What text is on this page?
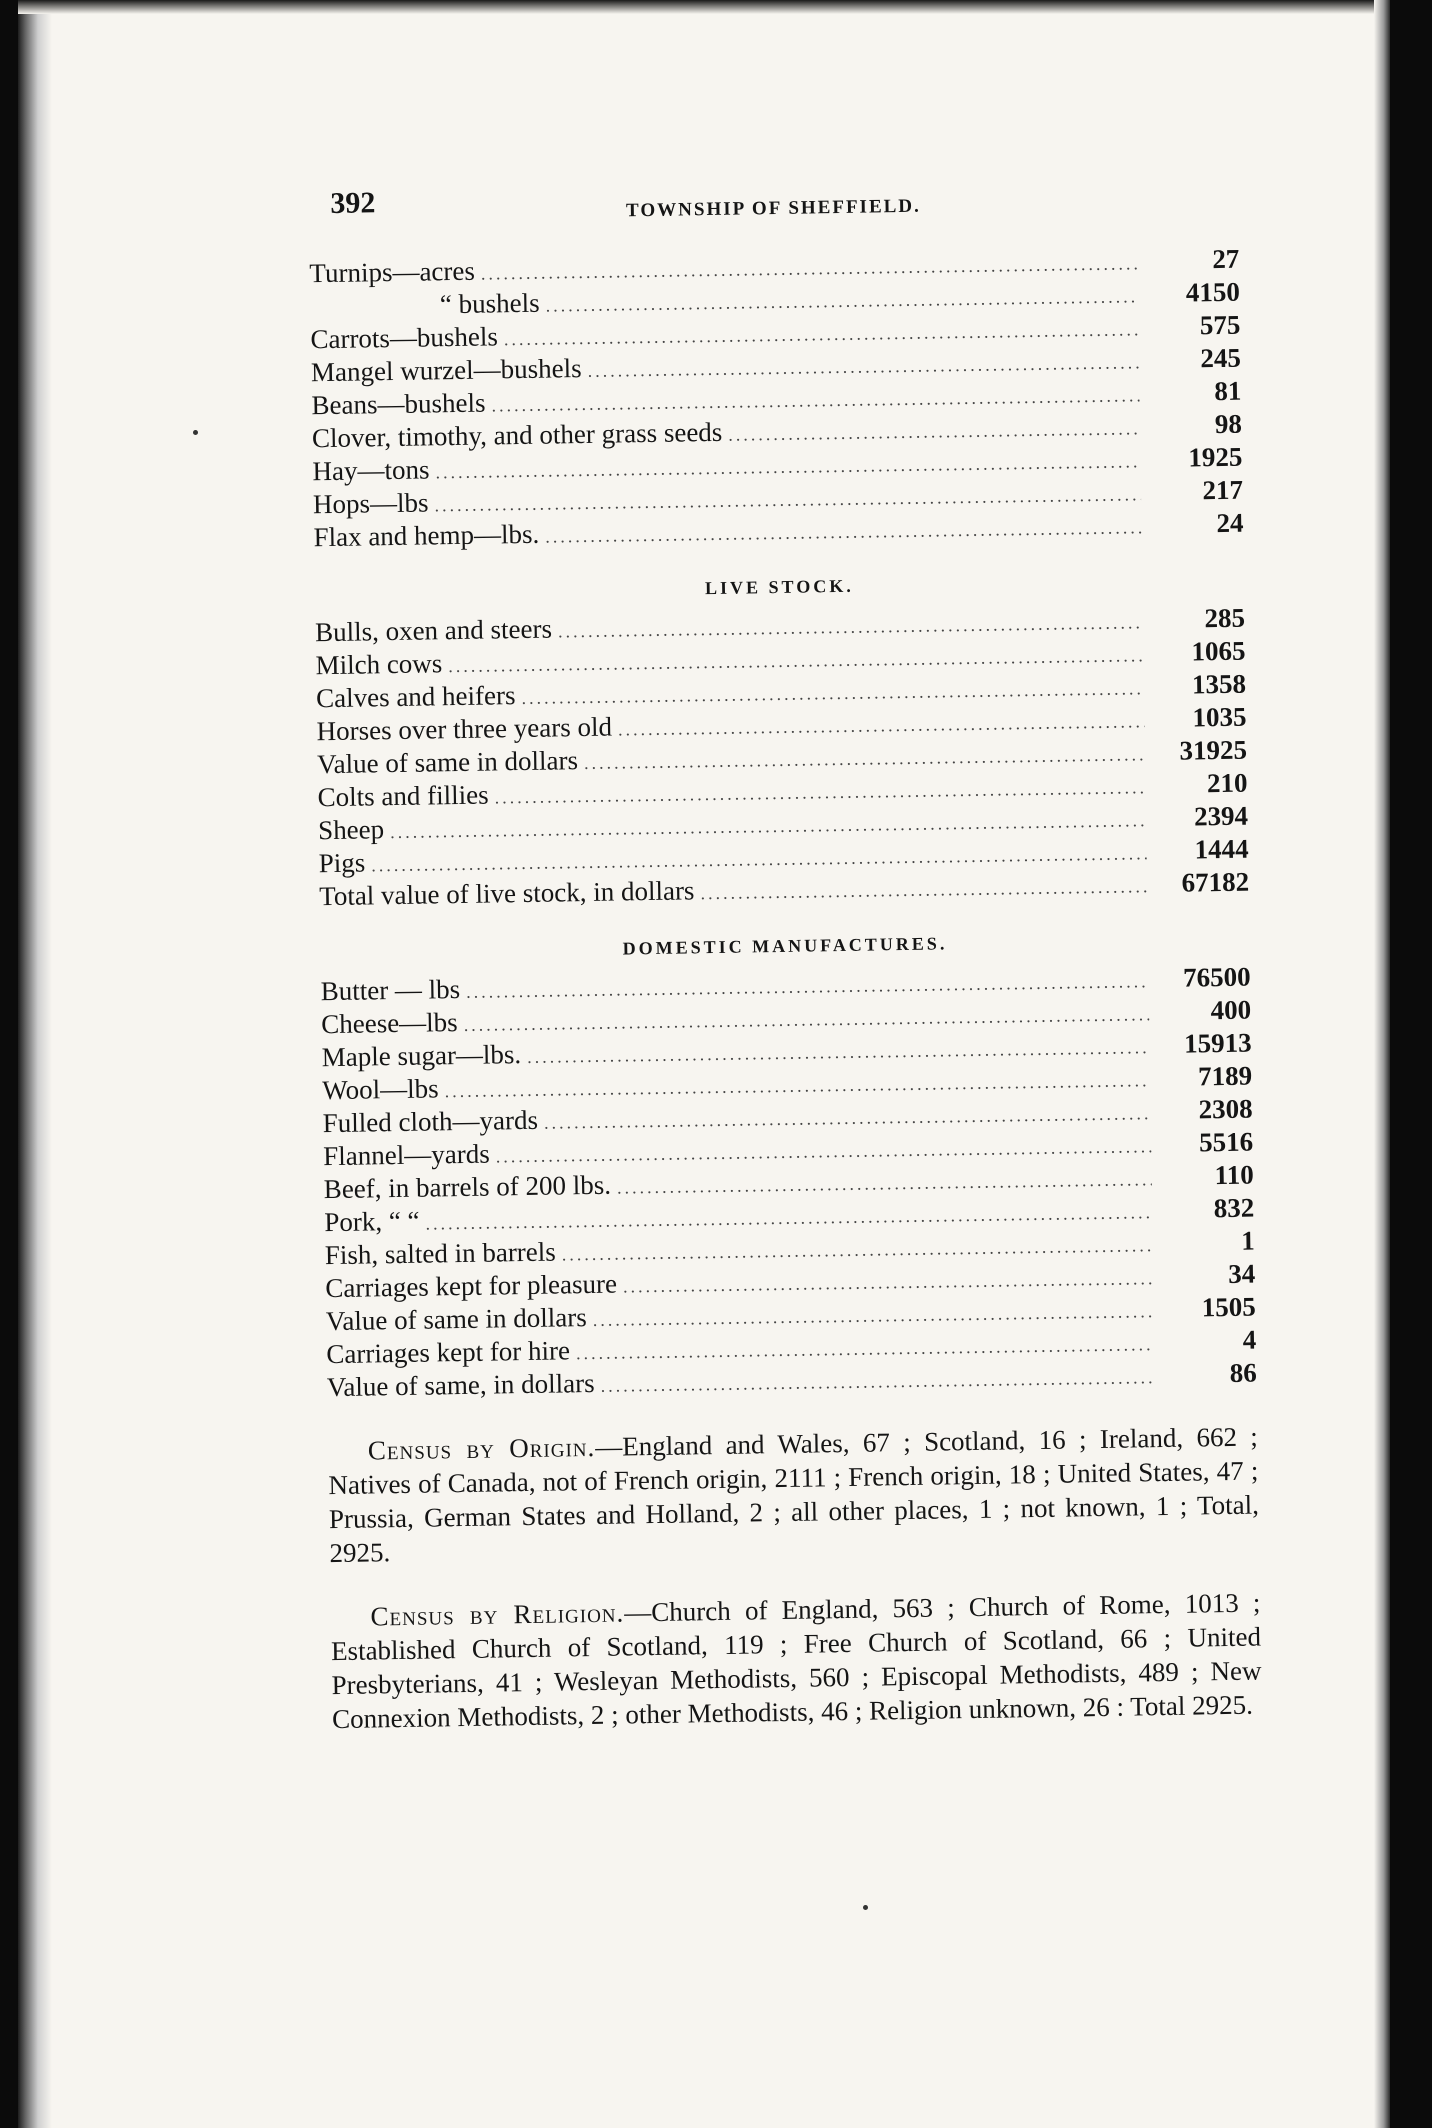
392	TOWNSHIP OF SHEFFIELD.
Turnips—acres .....	27
“ bushels .....	4150
Carrots—bushels .....	575
Mangel wurzel—bushels .....	245
Beans—bushels .....	81
Clover, timothy, and other grass seeds .....	98
Hay—tons .....	1925
Hops—lbs .....	217
Flax and hemp—lbs. .....	24
LIVE STOCK.
Bulls, oxen and steers .....	285
Milch cows .....	1065
Calves and heifers .....	1358
Horses over three years old .....	1035
Value of same in dollars .....	31925
Colts and fillies .....	210
Sheep .....	2394
Pigs .....	1444
Total value of live stock, in dollars .....	67182
DOMESTIC MANUFACTURES.
Butter — lbs .....	76500
Cheese—lbs .....	400
Maple sugar—lbs. .....	15913
Wool—lbs .....	7189
Fulled cloth—yards .....	2308
Flannel—yards .....	5516
Beef, in barrels of 200 lbs. .....	110
Pork, “ “ .....	832
Fish, salted in barrels .....	1
Carriages kept for pleasure .....	34
Value of same in dollars .....	1505
Carriages kept for hire .....	4
Value of same, in dollars .....	86

Census by Origin.—England and Wales, 67 ; Scotland, 16 ; Ireland, 662 ; Natives of Canada, not of French origin, 2111 ; French origin, 18 ; United States, 47 ; Prussia, German States and Holland, 2 ; all other places, 1 ; not known, 1 ; Total, 2925.

Census by Religion.—Church of England, 563 ; Church of Rome, 1013 ; Established Church of Scotland, 119 ; Free Church of Scotland, 66 ; United Presbyterians, 41 ; Wesleyan Methodists, 560 ; Episcopal Methodists, 489 ; New Connexion Methodists, 2 ; other Methodists, 46 ; Religion unknown, 26 : Total 2925.
